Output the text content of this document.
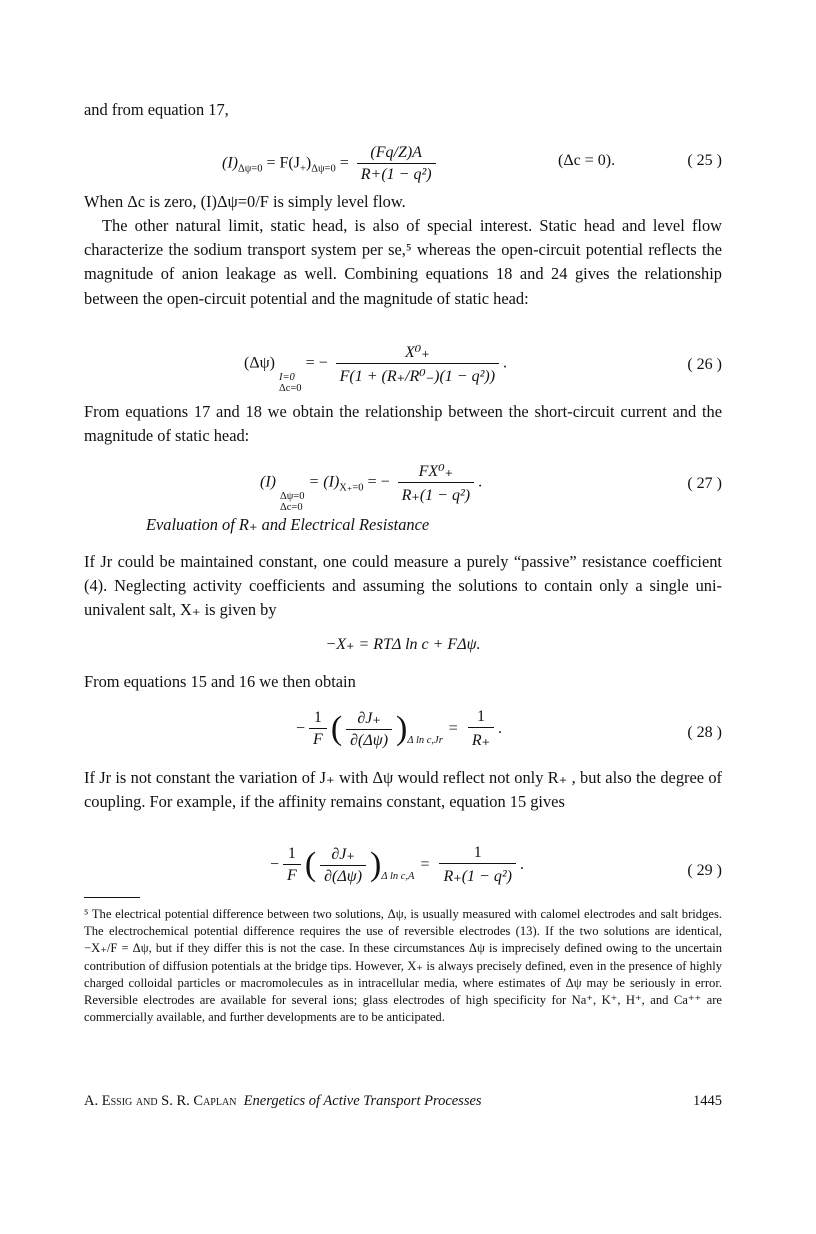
and from equation 17,
$(I)_{\Delta\psi=0} = F(J_+)_{\Delta\psi=0} = \frac{(Fq/Z)A}{\text{R+(1 − q²)}}$	(Δc = 0).	( 25 )
When Δc is zero, (I)Δψ=0/F is simply level flow.
The other natural limit, static head, is also of special interest. Static head and level flow characterize the sodium transport system per se,⁵ whereas the open-circuit potential reflects the magnitude of anion leakage as well. Combining equations 18 and 24 gives the relationship between the open-circuit potential and the magnitude of static head:
(Δψ)
I=0
Δc=0
= − $\frac{\text{X⁰₊}}{\text{F(1 + (R₊/R⁰₋)(1 − q²))}}$ .	( 26 )
From equations 17 and 18 we obtain the relationship between the short-circuit current and the magnitude of static head:
(I)
Δψ=0
Δc=0
= $(I)_{X_+=0}$ = − $\frac{\text{FX⁰₊}}{\text{R₊(1 − q²)}}$ .	( 27 )
Evaluation of R₊ and Electrical Resistance
If Jr could be maintained constant, one could measure a purely “passive” resistance coefficient (4). Neglecting activity coefficients and assuming the solutions to contain only a single uni-univalent salt, X₊ is given by
−X₊ = RTΔ ln c + FΔψ.
From equations 15 and 16 we then obtain
− $\frac{1}{F}$ ( $\frac{\partial J_+}{\partial(\Delta\psi)}$ ) Δ ln c,Jr
= $\frac{1}{R_+}$ .	( 28 )
If Jr is not constant the variation of J₊ with Δψ would reflect not only R₊ , but also the degree of coupling. For example, if the affinity remains constant, equation 15 gives
− $\frac{1}{F}$ ( $\frac{\partial J_+}{\partial(\Delta\psi)}$ ) Δ ln c,A
= $\frac{1}{\text{R₊(1 − q²)}}$ .	( 29 )
⁵ The electrical potential difference between two solutions, Δψ, is usually measured with calomel electrodes and salt bridges. The electrochemical potential difference requires the use of reversible electrodes (13). If the two solutions are identical, −X₊/F = Δψ, but if they differ this is not the case. In these circumstances Δψ is imprecisely defined owing to the uncertain contribution of diffusion potentials at the bridge tips. However, X₊ is always precisely defined, even in the presence of highly charged colloidal particles or macromolecules as in intracellular media, where estimates of Δψ may be seriously in error. Reversible electrodes are available for several ions; glass electrodes of high specificity for Na⁺, K⁺, H⁺, and Ca⁺⁺ are commercially available, and further developments are to be anticipated.
A. Essig and S. R. Caplan Energetics of Active Transport Processes	1445
